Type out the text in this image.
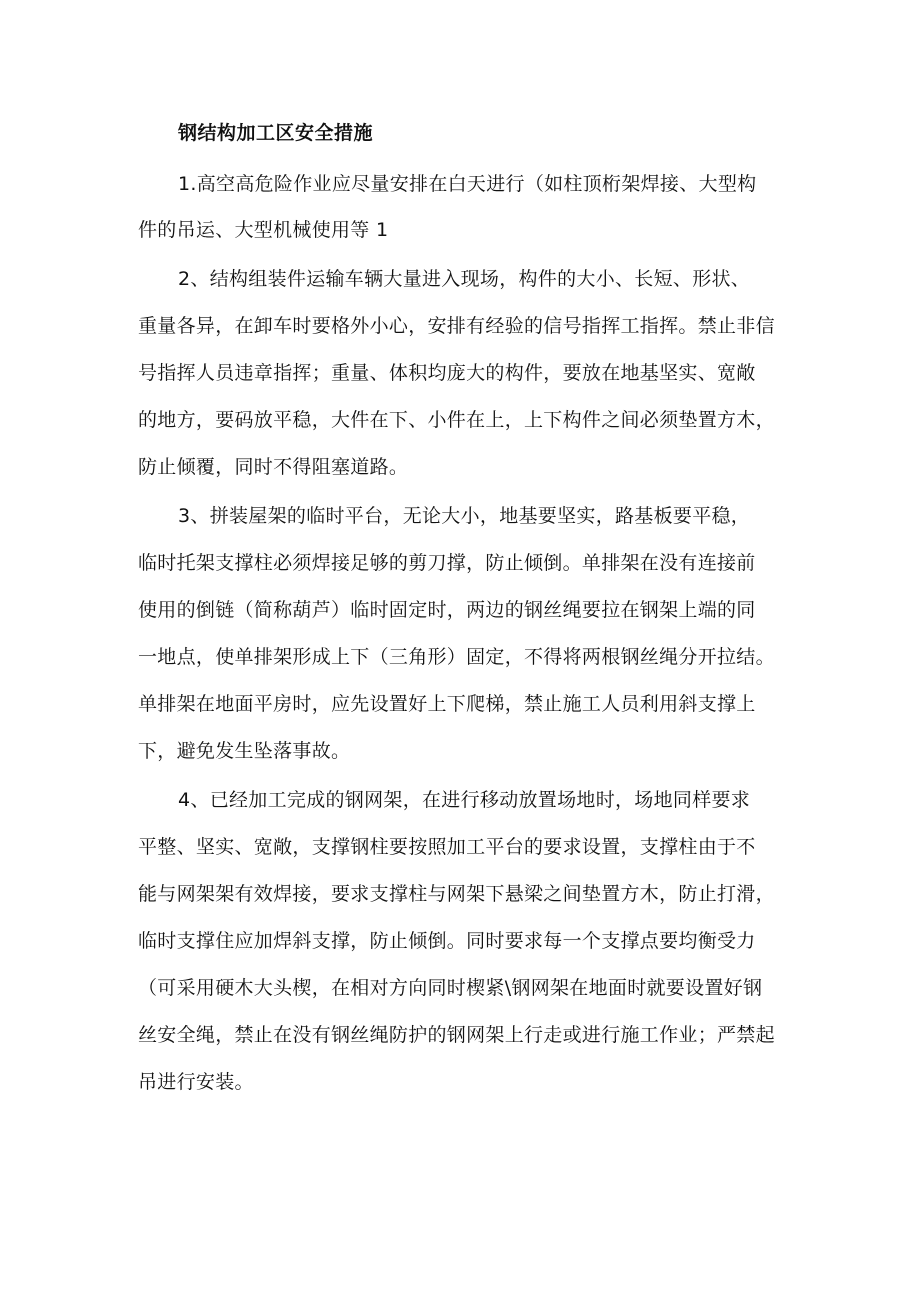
钢结构加工区安全措施
1.高空高危险作业应尽量安排在白天进行（如柱顶桁架焊接、大型构
件的吊运、大型机械使用等 1
2、结构组装件运输车辆大量进入现场，构件的大小、长短、形状、
重量各异，在卸车时要格外小心，安排有经验的信号指挥工指挥。禁止非信
号指挥人员违章指挥；重量、体积均庞大的构件，要放在地基坚实、宽敞
的地方，要码放平稳，大件在下、小件在上，上下构件之间必须垫置方木，
防止倾覆，同时不得阻塞道路。
3、拼装屋架的临时平台，无论大小，地基要坚实，路基板要平稳，
临时托架支撑柱必须焊接足够的剪刀撑，防止倾倒。单排架在没有连接前
使用的倒链（简称葫芦）临时固定时，两边的钢丝绳要拉在钢架上端的同
一地点，使单排架形成上下（三角形）固定，不得将两根钢丝绳分开拉结。
单排架在地面平房时，应先设置好上下爬梯，禁止施工人员利用斜支撑上
下，避免发生坠落事故。
4、已经加工完成的钢网架，在进行移动放置场地时，场地同样要求
平整、坚实、宽敞，支撑钢柱要按照加工平台的要求设置，支撑柱由于不
能与网架架有效焊接，要求支撑柱与网架下悬梁之间垫置方木，防止打滑，
临时支撑住应加焊斜支撑，防止倾倒。同时要求每一个支撑点要均衡受力
（可采用硬木大头楔，在相对方向同时楔紧\钢网架在地面时就要设置好钢
丝安全绳，禁止在没有钢丝绳防护的钢网架上行走或进行施工作业；严禁起
吊进行安装。
